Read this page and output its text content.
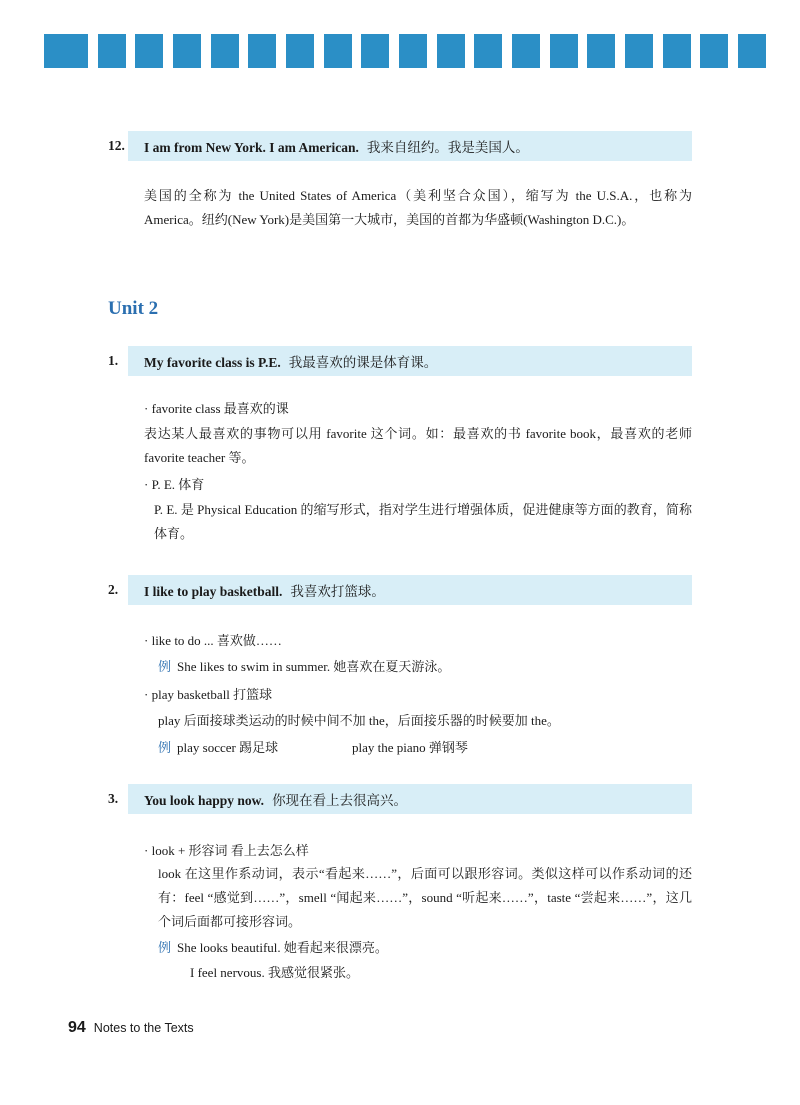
12.	I am from New York. I am American. 我来自纽约。我是美国人。
美国的全称为 the United States of America（美利坚合众国），缩写为 the U.S.A.，也称为 America。纽约(New York)是美国第一大城市，美国的首都为华盛顿(Washington D.C.)。
Unit 2
1.	My favorite class is P.E. 我最喜欢的课是体育课。
· favorite class 最喜欢的课
表达某人最喜欢的事物可以用 favorite 这个词。如：最喜欢的书 favorite book，最喜欢的老师 favorite teacher 等。
· P. E. 体育
P. E. 是 Physical Education 的缩写形式，指对学生进行增强体质，促进健康等方面的教育，简称体育。
2.	I like to play basketball. 我喜欢打篮球。
· like to do ... 喜欢做……
例 She likes to swim in summer. 她喜欢在夏天游泳。
· play basketball 打篮球
play 后面接球类运动的时候中间不加 the，后面接乐器的时候要加 the。
例 play soccer 踢足球	play the piano 弹钢琴
3.	You look happy now. 你现在看上去很高兴。
· look + 形容词 看上去怎么样
look 在这里作系动词，表示“看起来……”，后面可以跟形容词。类似这样可以作系动词的还有：feel “感觉到……”，smell “闻起来……”，sound “听起来……”，taste “尝起来……”，这几个词后面都可接形容词。
例 She looks beautiful. 她看起来很漂亮。
I feel nervous. 我感觉很紧张。
94 Notes to the Texts
